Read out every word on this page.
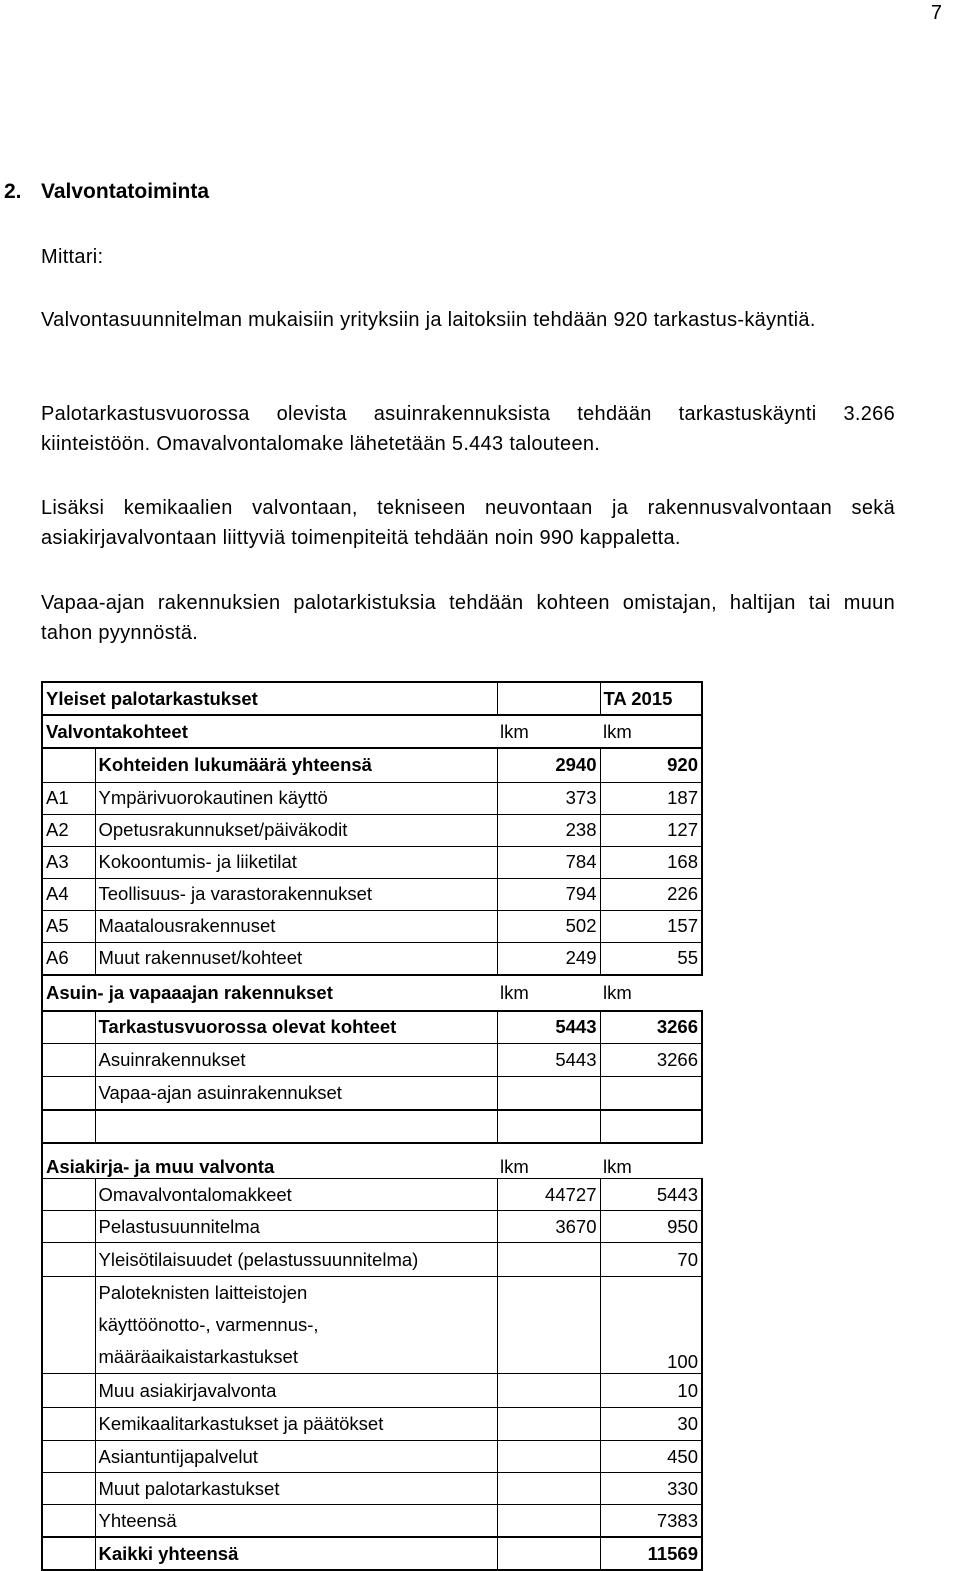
7
2. Valvontatoiminta
Mittari:
Valvontasuunnitelman mukaisiin yrityksiin ja laitoksiin tehdään 920 tarkastus-käyntiä.
Palotarkastusvuorossa olevista asuinrakennuksista tehdään tarkastuskäynti 3.266 kiinteistöön. Omavalvontalomake lähetetään 5.443 talouteen.
Lisäksi kemikaalien valvontaan, tekniseen neuvontaan ja rakennusvalvontaan sekä asiakirjavalvontaan liittyviä toimenpiteitä tehdään noin 990 kappaletta.
Vapaa-ajan rakennuksien palotarkistuksia tehdään kohteen omistajan, haltijan tai muun tahon pyynnöstä.
Yleiset palotarkastukset			TA 2015
Valvontakohteet		lkm	lkm
	Kohteiden lukumäärä yhteensä	2940	920
A1	Ympärivuorokautinen käyttö	373	187
A2	Opetusrakunnukset/päiväkodit	238	127
A3	Kokoontumis- ja liiketilat	784	168
A4	Teollisuus- ja varastorakennukset	794	226
A5	Maatalousrakennuset	502	157
A6	Muut rakennuset/kohteet	249	55
Asuin- ja vapaaajan rakennukset		lkm	lkm
	Tarkastusvuorossa olevat kohteet	5443	3266
	Asuinrakennukset	5443	3266
	Vapaa-ajan asuinrakennukset		

Asiakirja- ja muu valvonta		lkm	lkm
	Omavalvontalomakkeet	44727	5443
	Pelastusuunnitelma	3670	950
	Yleisötilaisuudet (pelastussuunnitelma)		70
	Paloteknisten laitteistojen käyttöönotto-, varmennus-, määräaikaistarkastukset		100
	Muu asiakirjavalvonta		10
	Kemikaalitarkastukset ja päätökset		30
	Asiantuntijapalvelut		450
	Muut palotarkastukset		330
	Yhteensä		7383
	Kaikki yhteensä		11569
